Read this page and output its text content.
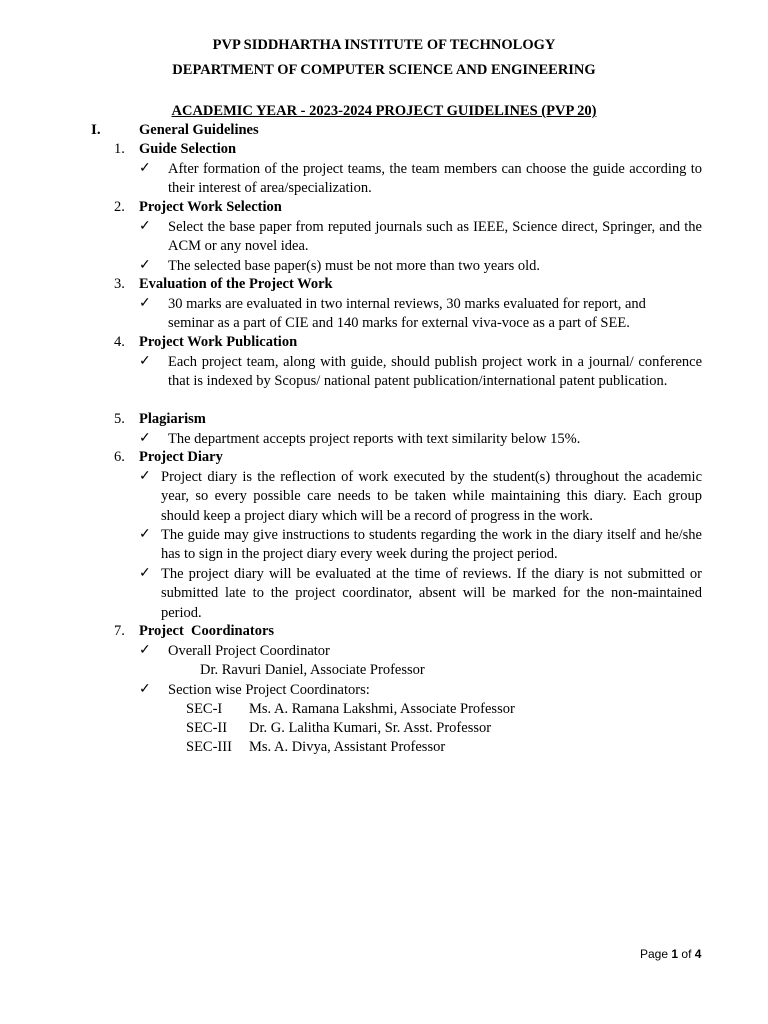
PVP SIDDHARTHA INSTITUTE OF TECHNOLOGY
DEPARTMENT OF COMPUTER SCIENCE AND ENGINEERING
ACADEMIC YEAR - 2023-2024 PROJECT GUIDELINES (PVP 20)
I.	General Guidelines
1. Guide Selection
✓ After formation of the project teams, the team members can choose the guide according to their interest of area/specialization.
2. Project Work Selection
✓ Select the base paper from reputed journals such as IEEE, Science direct, Springer, and the ACM or any novel idea.
✓ The selected base paper(s) must be not more than two years old.
3. Evaluation of the Project Work
✓ 30 marks are evaluated in two internal reviews, 30 marks evaluated for report, and seminar as a part of CIE and 140 marks for external viva-voce as a part of SEE.
4. Project Work Publication
✓ Each project team, along with guide, should publish project work in a journal/ conference that is indexed by Scopus/ national patent publication/international patent publication.
5. Plagiarism
✓ The department accepts project reports with text similarity below 15%.
6. Project Diary
✓ Project diary is the reflection of work executed by the student(s) throughout the academic year, so every possible care needs to be taken while maintaining this diary. Each group should keep a project diary which will be a record of progress in the work.
✓ The guide may give instructions to students regarding the work in the diary itself and he/she has to sign in the project diary every week during the project period.
✓ The project diary will be evaluated at the time of reviews. If the diary is not submitted or submitted late to the project coordinator, absent will be marked for the non-maintained period.
7. Project  Coordinators
✓ Overall Project Coordinator
Dr. Ravuri Daniel, Associate Professor
✓ Section wise Project Coordinators:
SEC-I Ms. A. Ramana Lakshmi, Associate Professor
SEC-II Dr. G. Lalitha Kumari, Sr. Asst. Professor
SEC-III Ms. A. Divya, Assistant Professor
Page 1 of 4
